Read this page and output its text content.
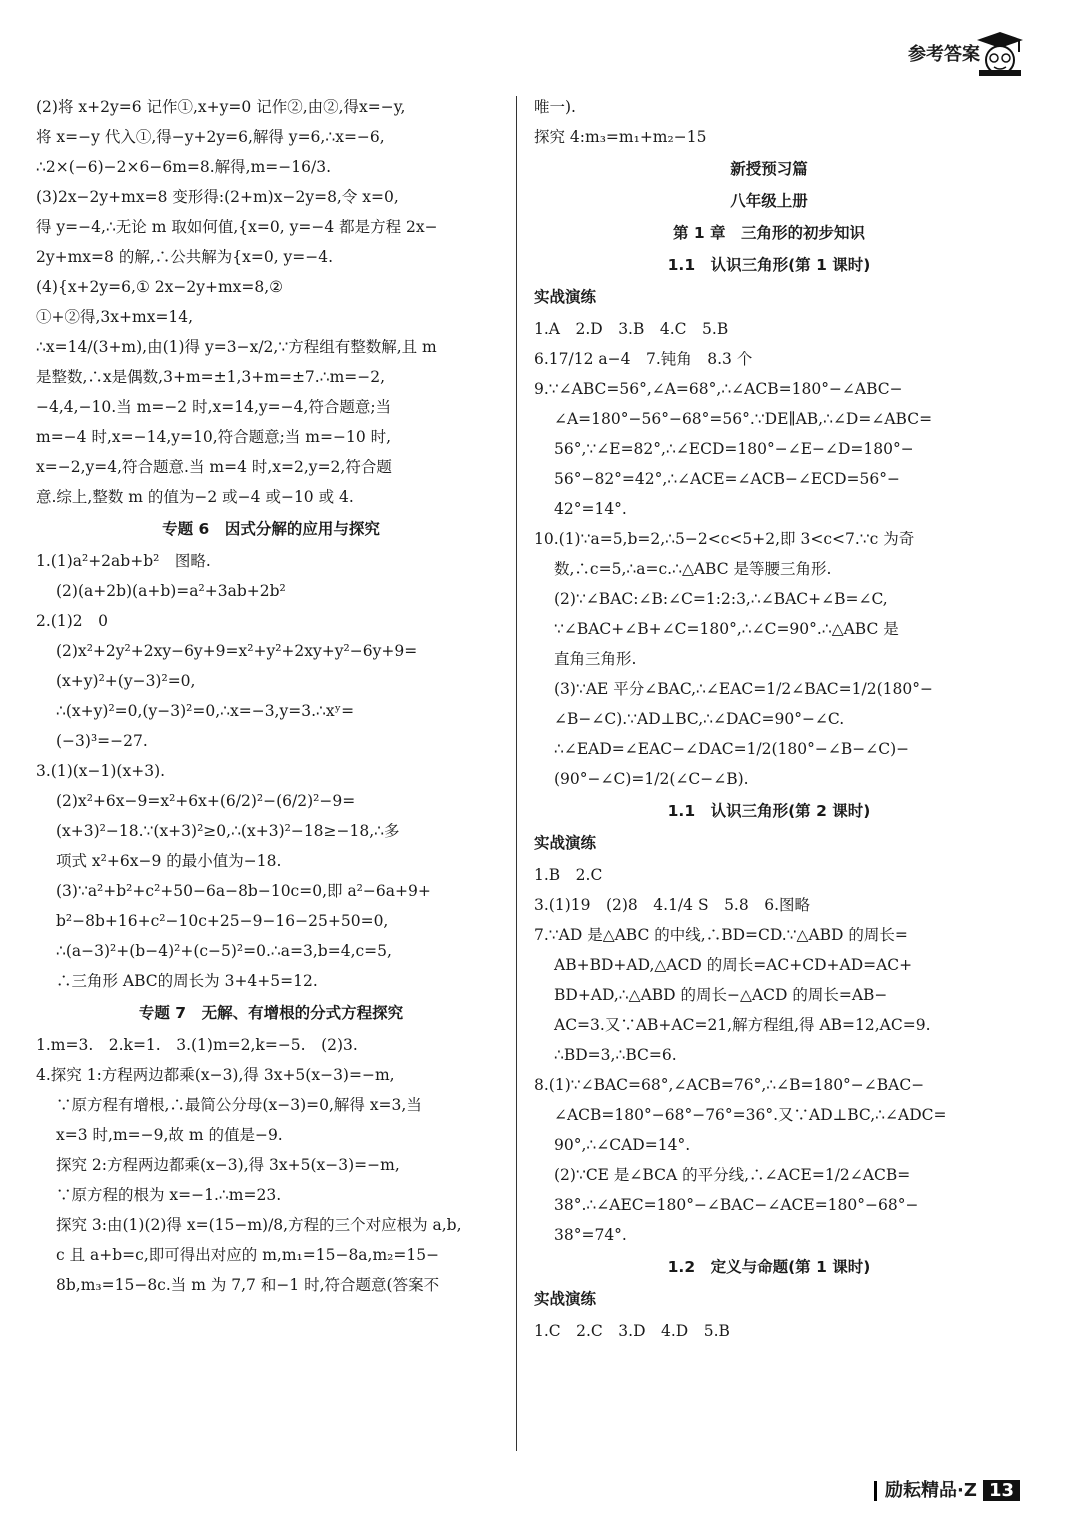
参考答案

(2)将 x+2y=6 记作①,x+y=0 记作②,由②,得x=−y,

将 x=−y 代入①,得−y+2y=6,解得 y=6,∴x=−6,

∴2×(−6)−2×6−6m=8.解得,m=−16/3.

(3)2x−2y+mx=8 变形得:(2+m)x−2y=8,令 x=0,

得 y=−4,∴无论 m 取如何值,{x=0, y=−4 都是方程 2x−

2y+mx=8 的解,∴公共解为{x=0, y=−4.

(4){x+2y=6,① 2x−2y+mx=8,②

①+②得,3x+mx=14,

∴x=14/(3+m),由(1)得 y=3−x/2,∵方程组有整数解,且 m

是整数,∴x是偶数,3+m=±1,3+m=±7.∴m=−2,

−4,4,−10.当 m=−2 时,x=14,y=−4,符合题意;当

m=−4 时,x=−14,y=10,符合题意;当 m=−10 时,

x=−2,y=4,符合题意.当 m=4 时,x=2,y=2,符合题

意.综上,整数 m 的值为−2 或−4 或−10 或 4.

专题 6　因式分解的应用与探究

1.(1)a²+2ab+b²　图略.

(2)(a+2b)(a+b)=a²+3ab+2b²

2.(1)2　0

(2)x²+2y²+2xy−6y+9=x²+y²+2xy+y²−6y+9=

(x+y)²+(y−3)²=0,

∴(x+y)²=0,(y−3)²=0,∴x=−3,y=3.∴xʸ=

(−3)³=−27.

3.(1)(x−1)(x+3).

(2)x²+6x−9=x²+6x+(6/2)²−(6/2)²−9=

(x+3)²−18.∵(x+3)²≥0,∴(x+3)²−18≥−18,∴多

项式 x²+6x−9 的最小值为−18.

(3)∵a²+b²+c²+50−6a−8b−10c=0,即 a²−6a+9+

b²−8b+16+c²−10c+25−9−16−25+50=0,

∴(a−3)²+(b−4)²+(c−5)²=0.∴a=3,b=4,c=5,

∴三角形 ABC的周长为 3+4+5=12.

专题 7　无解、有增根的分式方程探究

1.m=3.　2.k=1.　3.(1)m=2,k=−5.　(2)3.

4.探究 1:方程两边都乘(x−3),得 3x+5(x−3)=−m,

∵原方程有增根,∴最简公分母(x−3)=0,解得 x=3,当

x=3 时,m=−9,故 m 的值是−9.

探究 2:方程两边都乘(x−3),得 3x+5(x−3)=−m,

∵原方程的根为 x=−1.∴m=23.

探究 3:由(1)(2)得 x=(15−m)/8,方程的三个对应根为 a,b,

c 且 a+b=c,即可得出对应的 m,m₁=15−8a,m₂=15−

8b,m₃=15−8c.当 m 为 7,7 和−1 时,符合题意(答案不

唯一).

探究 4:m₃=m₁+m₂−15

新授预习篇
八年级上册
第 1 章　三角形的初步知识
1.1　认识三角形(第 1 课时)
实战演练

1.A　2.D　3.B　4.C　5.B

6.17/12 a−4　7.钝角　8.3 个

9.∵∠ABC=56°,∠A=68°,∴∠ACB=180°−∠ABC−

∠A=180°−56°−68°=56°.∵DE∥AB,∴∠D=∠ABC=

56°,∵∠E=82°,∴∠ECD=180°−∠E−∠D=180°−

56°−82°=42°,∴∠ACE=∠ACB−∠ECD=56°−

42°=14°.

10.(1)∵a=5,b=2,∴5−2<c<5+2,即 3<c<7.∵c 为奇

数,∴c=5,∴a=c.∴△ABC 是等腰三角形.

(2)∵∠BAC:∠B:∠C=1:2:3,∴∠BAC+∠B=∠C,

∵∠BAC+∠B+∠C=180°,∴∠C=90°.∴△ABC 是

直角三角形.

(3)∵AE 平分∠BAC,∴∠EAC=1/2∠BAC=1/2(180°−

∠B−∠C).∵AD⊥BC,∴∠DAC=90°−∠C.

∴∠EAD=∠EAC−∠DAC=1/2(180°−∠B−∠C)−

(90°−∠C)=1/2(∠C−∠B).

1.1　认识三角形(第 2 课时)
实战演练

1.B　2.C

3.(1)19　(2)8　4.1/4 S　5.8　6.图略

7.∵AD 是△ABC 的中线,∴BD=CD.∵△ABD 的周长=

AB+BD+AD,△ACD 的周长=AC+CD+AD=AC+

BD+AD,∴△ABD 的周长−△ACD 的周长=AB−

AC=3.又∵AB+AC=21,解方程组,得 AB=12,AC=9.

∴BD=3,∴BC=6.

8.(1)∵∠BAC=68°,∠ACB=76°,∴∠B=180°−∠BAC−

∠ACB=180°−68°−76°=36°.又∵AD⊥BC,∴∠ADC=

90°,∴∠CAD=14°.

(2)∵CE 是∠BCA 的平分线,∴∠ACE=1/2∠ACB=

38°.∴∠AEC=180°−∠BAC−∠ACE=180°−68°−

38°=74°.

1.2　定义与命题(第 1 课时)
实战演练

1.C　2.C　3.D　4.D　5.B

励耘精品·Z 13
